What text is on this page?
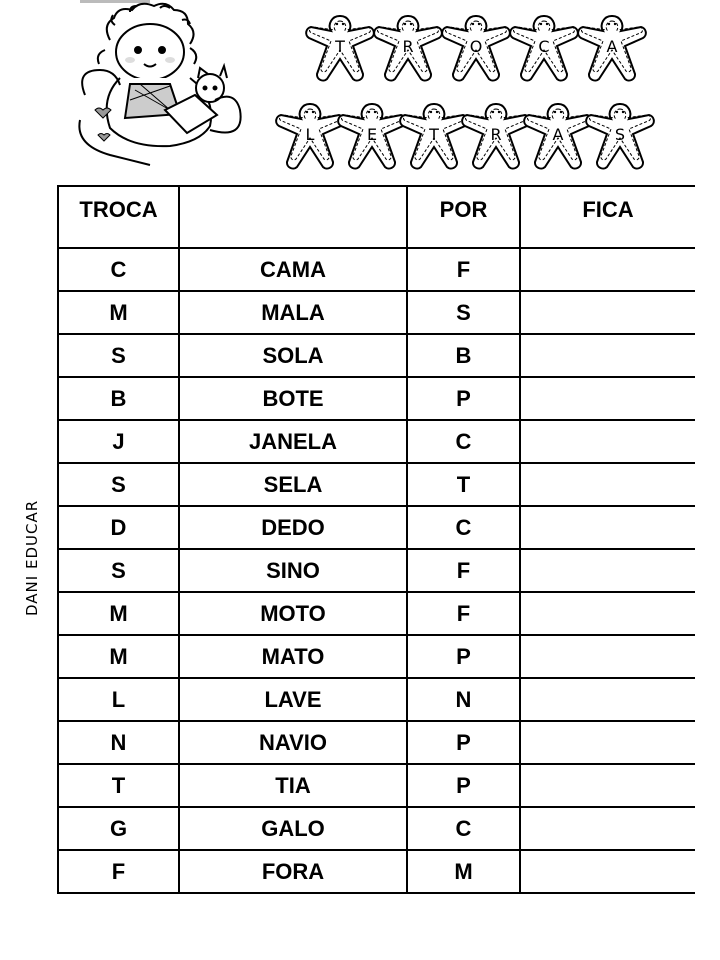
T	R	O	C	A
L	E	T	R	A	S
DANI EDUCAR
TROCA		POR	FICA
C	CAMA	F	
M	MALA	S	
S	SOLA	B	
B	BOTE	P	
J	JANELA	C	
S	SELA	T	
D	DEDO	C	
S	SINO	F	
M	MOTO	F	
M	MATO	P	
L	LAVE	N	
N	NAVIO	P	
T	TIA	P	
G	GALO	C	
F	FORA	M	
